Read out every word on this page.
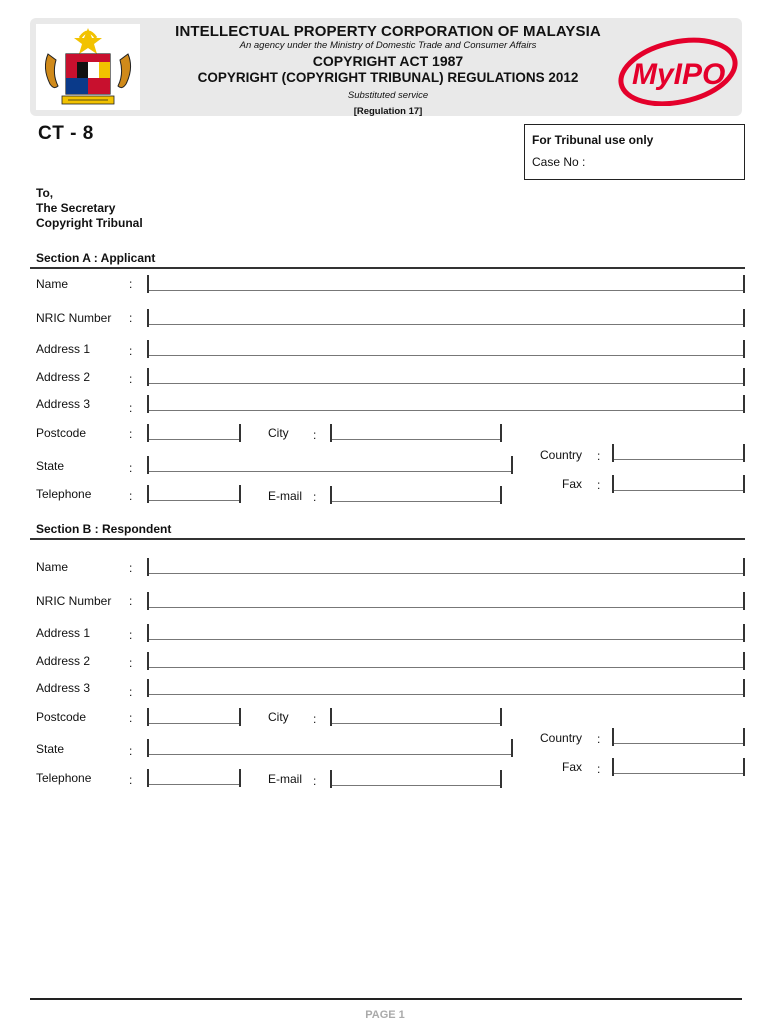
INTELLECTUAL PROPERTY CORPORATION OF MALAYSIA
An agency under the Ministry of Domestic Trade and Consumer Affairs
COPYRIGHT ACT 1987
COPYRIGHT (COPYRIGHT TRIBUNAL) REGULATIONS 2012
Substituted service
[Regulation 17]
MyIPO
CT - 8	For Tribunal use only
Case No :
To,
The Secretary
Copyright Tribunal
Section A : Applicant
Name	:
NRIC Number :
Address 1	:
Address 2	:
Address 3	:
Postcode	:	City :
Country :
State	:
Fax :
Telephone	:	E-mail :
Section B : Respondent
Name	:
NRIC Number :
Address 1	:
Address 2	:
Address 3	:
Postcode	:	City :
Country :
State	:
Fax :
Telephone	:	E-mail :
PAGE 1
